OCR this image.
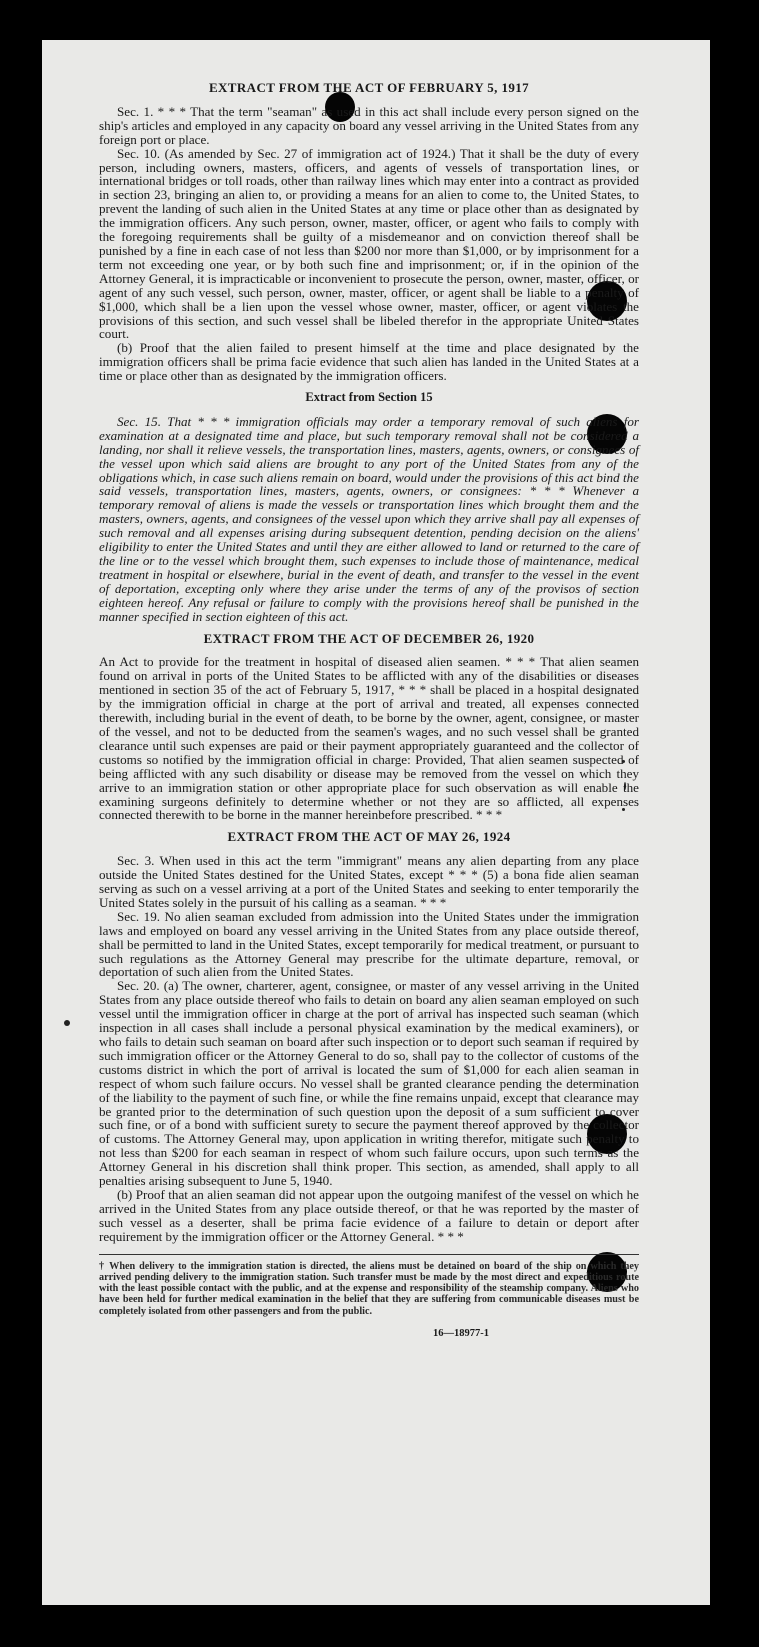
EXTRACT FROM THE ACT OF FEBRUARY 5, 1917

Sec. 1. * * * That the term "seaman" as used in this act shall include every person signed on the ship's articles and employed in any capacity on board any vessel arriving in the United States from any foreign port or place.

Sec. 10. (As amended by Sec. 27 of immigration act of 1924.) That it shall be the duty of every person, including owners, masters, officers, and agents of vessels of transportation lines, or international bridges or toll roads, other than railway lines which may enter into a contract as provided in section 23, bringing an alien to, or providing a means for an alien to come to, the United States, to prevent the landing of such alien in the United States at any time or place other than as designated by the immigration officers. Any such person, owner, master, officer, or agent who fails to comply with the foregoing requirements shall be guilty of a misdemeanor and on conviction thereof shall be punished by a fine in each case of not less than $200 nor more than $1,000, or by imprisonment for a term not exceeding one year, or by both such fine and imprisonment; or, if in the opinion of the Attorney General, it is impracticable or inconvenient to prosecute the person, owner, master, officer, or agent of any such vessel, such person, owner, master, officer, or agent shall be liable to a penalty of $1,000, which shall be a lien upon the vessel whose owner, master, officer, or agent violates the provisions of this section, and such vessel shall be libeled therefor in the appropriate United States court.

(b) Proof that the alien failed to present himself at the time and place designated by the immigration officers shall be prima facie evidence that such alien has landed in the United States at a time or place other than as designated by the immigration officers.

Extract from Section 15

Sec. 15. That * * * immigration officials may order a temporary removal of such aliens for examination at a designated time and place, but such temporary removal shall not be considered a landing, nor shall it relieve vessels, the transportation lines, masters, agents, owners, or consignees of the vessel upon which said aliens are brought to any port of the United States from any of the obligations which, in case such aliens remain on board, would under the provisions of this act bind the said vessels, transportation lines, masters, agents, owners, or consignees: * * * Whenever a temporary removal of aliens is made the vessels or transportation lines which brought them and the masters, owners, agents, and consignees of the vessel upon which they arrive shall pay all expenses of such removal and all expenses arising during subsequent detention, pending decision on the aliens' eligibility to enter the United States and until they are either allowed to land or returned to the care of the line or to the vessel which brought them, such expenses to include those of maintenance, medical treatment in hospital or elsewhere, burial in the event of death, and transfer to the vessel in the event of deportation, excepting only where they arise under the terms of any of the provisos of section eighteen hereof. Any refusal or failure to comply with the provisions hereof shall be punished in the manner specified in section eighteen of this act.

EXTRACT FROM THE ACT OF DECEMBER 26, 1920

An Act to provide for the treatment in hospital of diseased alien seamen. * * * That alien seamen found on arrival in ports of the United States to be afflicted with any of the disabilities or diseases mentioned in section 35 of the act of February 5, 1917, * * * shall be placed in a hospital designated by the immigration official in charge at the port of arrival and treated, all expenses connected therewith, including burial in the event of death, to be borne by the owner, agent, consignee, or master of the vessel, and not to be deducted from the seamen's wages, and no such vessel shall be granted clearance until such expenses are paid or their payment appropriately guaranteed and the collector of customs so notified by the immigration official in charge: Provided, That alien seamen suspected of being afflicted with any such disability or disease may be removed from the vessel on which they arrive to an immigration station or other appropriate place for such observation as will enable the examining surgeons definitely to determine whether or not they are so afflicted, all expenses connected therewith to be borne in the manner hereinbefore prescribed. * * *

EXTRACT FROM THE ACT OF MAY 26, 1924

Sec. 3. When used in this act the term "immigrant" means any alien departing from any place outside the United States destined for the United States, except * * * (5) a bona fide alien seaman serving as such on a vessel arriving at a port of the United States and seeking to enter temporarily the United States solely in the pursuit of his calling as a seaman. * * *

Sec. 19. No alien seaman excluded from admission into the United States under the immigration laws and employed on board any vessel arriving in the United States from any place outside thereof, shall be permitted to land in the United States, except temporarily for medical treatment, or pursuant to such regulations as the Attorney General may prescribe for the ultimate departure, removal, or deportation of such alien from the United States.

Sec. 20. (a) The owner, charterer, agent, consignee, or master of any vessel arriving in the United States from any place outside thereof who fails to detain on board any alien seaman employed on such vessel until the immigration officer in charge at the port of arrival has inspected such seaman (which inspection in all cases shall include a personal physical examination by the medical examiners), or who fails to detain such seaman on board after such inspection or to deport such seaman if required by such immigration officer or the Attorney General to do so, shall pay to the collector of customs of the customs district in which the port of arrival is located the sum of $1,000 for each alien seaman in respect of whom such failure occurs. No vessel shall be granted clearance pending the determination of the liability to the payment of such fine, or while the fine remains unpaid, except that clearance may be granted prior to the determination of such question upon the deposit of a sum sufficient to cover such fine, or of a bond with sufficient surety to secure the payment thereof approved by the collector of customs. The Attorney General may, upon application in writing therefor, mitigate such penalty to not less than $200 for each seaman in respect of whom such failure occurs, upon such terms as the Attorney General in his discretion shall think proper. This section, as amended, shall apply to all penalties arising subsequent to June 5, 1940.

(b) Proof that an alien seaman did not appear upon the outgoing manifest of the vessel on which he arrived in the United States from any place outside thereof, or that he was reported by the master of such vessel as a deserter, shall be prima facie evidence of a failure to detain or deport after requirement by the immigration officer or the Attorney General. * * *

† When delivery to the immigration station is directed, the aliens must be detained on board of the ship on which they arrived pending delivery to the immigration station. Such transfer must be made by the most direct and expeditious route with the least possible contact with the public, and at the expense and responsibility of the steamship company. Aliens who have been held for further medical examination in the belief that they are suffering from communicable diseases must be completely isolated from other passengers and from the public.
16—18977-1
